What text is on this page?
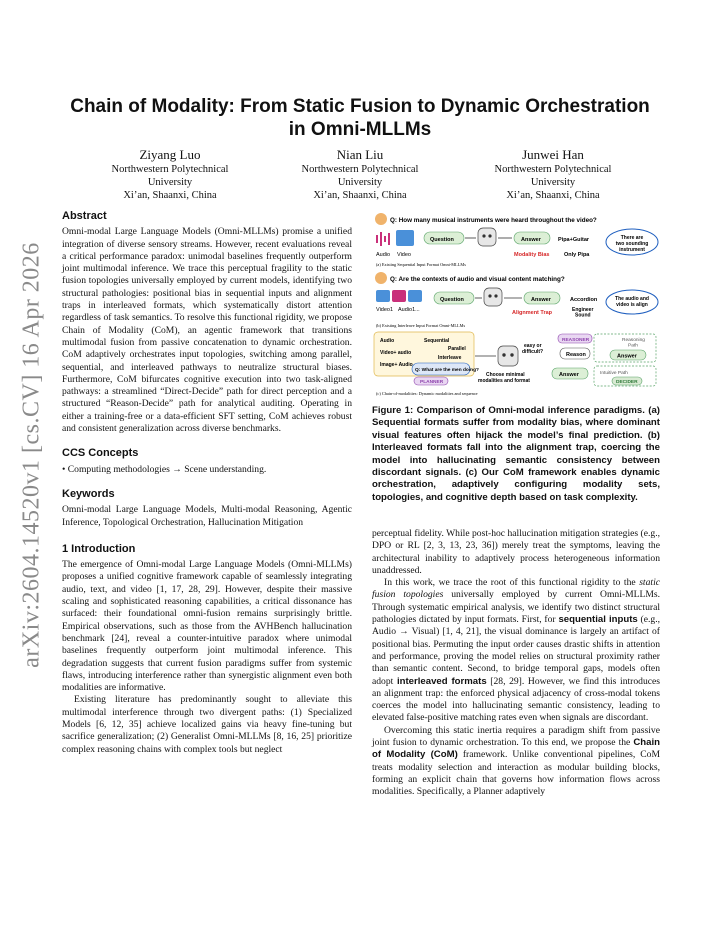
arXiv:2604.14520v1 [cs.CV] 16 Apr 2026
Chain of Modality: From Static Fusion to Dynamic Orchestration in Omni-MLLMs
Ziyang Luo
Northwestern Polytechnical
University
Xi’an, Shaanxi, China
Nian Liu
Northwestern Polytechnical
University
Xi’an, Shaanxi, China
Junwei Han
Northwestern Polytechnical
University
Xi’an, Shaanxi, China
Abstract

Omni-modal Large Language Models (Omni-MLLMs) promise a unified integration of diverse sensory streams. However, recent evaluations reveal a critical performance paradox: unimodal baselines frequently outperform joint multimodal inference. We trace this perceptual fragility to the static fusion topologies universally employed by current models, identifying two structural pathologies: positional bias in sequential inputs and alignment traps in interleaved formats, which systematically distort attention regardless of task semantics. To resolve this functional rigidity, we propose Chain of Modality (CoM), an agentic framework that transitions multimodal fusion from passive concatenation to dynamic orchestration. CoM adaptively orchestrates input topologies, switching among parallel, sequential, and interleaved pathways to neutralize structural biases. Furthermore, CoM bifurcates cognitive execution into two task-aligned pathways: a streamlined “Direct-Decide” path for direct perception and a structured “Reason-Decide” path for analytical auditing. Operating in either a training-free or a data-efficient SFT setting, CoM achieves robust and consistent generalization across diverse benchmarks.

CCS Concepts

• Computing methodologies → Scene understanding.

Keywords

Omni-modal Large Language Models, Multi-modal Reasoning, Agentic Inference, Topological Orchestration, Hallucination Mitigation

1 Introduction

The emergence of Omni-modal Large Language Models (Omni-MLLMs) proposes a unified cognitive framework capable of seamlessly integrating audio, text, and video [1, 17, 28, 29]. However, despite their massive scaling and sophisticated reasoning capabilities, a critical dissonance has surfaced: their foundational omni-fusion remains surprisingly brittle. Empirical observations, such as those from the AVHBench hallucination benchmark [24], reveal a counter-intuitive paradox where unimodal baselines frequently outperform joint multimodal inference. This degradation suggests that current fusion paradigms suffer from systemic flaws, introducing interference rather than synergistic alignment even both modalities are informative.

Existing literature has predominantly sought to alleviate this multimodal interference through two divergent paths: (1) Specialized Models [6, 12, 35] achieve localized gains via heavy fine-tuning but sacrifice generalization; (2) Generalist Omni-MLLMs [8, 16, 25] prioritize complex reasoning chains with complex tools but neglect

Q: How many musical instruments were heard throughout the video?
Audio Video
Question	Answer	Pipa+Guitar
Modality Bias	Only Pipa
There are two sounding instrument
(a) Existing Sequential Input Format Omni-MLLMs
Q: Are the contexts of audio and visual content matching?
Video1 Audio1...
Question	Answer	Accordion
Alignment Trap	Engineer Sound
The audio and video is align
(b) Existing Interleave Input Format Omni-MLLMs
Audio
Video+ audio
Image+ Audio
Sequential
Parallel
Interleave
Q: What are the men doing?
PLANNER
easy or difficult?
Choose minimal modalities and format
REASONER
Reason
Answer
Reasoning Path
Answer
Intuitive Path
DECIDER
(c) Chain-of-modalities: Dynamic modalities and sequence
Figure 1: Comparison of Omni-modal inference paradigms. (a) Sequential formats suffer from modality bias, where dominant visual features often hijack the model’s final prediction. (b) Interleaved formats fall into the alignment trap, coercing the model into hallucinating semantic consistency between discordant signals. (c) Our CoM framework enables dynamic orchestration, adaptively configuring modality sets, topologies, and cognitive depth based on task complexity.

perceptual fidelity. While post-hoc hallucination mitigation strategies (e.g., DPO or RL [2, 3, 13, 23, 36]) merely treat the symptoms, leaving the architectural inability to adaptively process heterogeneous information unaddressed.

In this work, we trace the root of this functional rigidity to the static fusion topologies universally employed by current Omni-MLLMs. Through systematic empirical analysis, we identify two distinct structural pathologies dictated by input formats. First, for sequential inputs (e.g., Audio → Visual) [1, 4, 21], the visual dominance is largely an artifact of positional bias. Permuting the input order causes drastic shifts in attention and performance, proving the model relies on structural proximity rather than semantic content. Second, to bridge temporal gaps, models often adopt interleaved formats [28, 29]. However, we find this introduces an alignment trap: the enforced physical adjacency of cross-modal tokens coerces the model into hallucinating semantic consistency, leading to elevated false-positive matching rates even when signals are discordant.

Overcoming this static inertia requires a paradigm shift from passive joint fusion to dynamic orchestration. To this end, we propose the Chain of Modality (CoM) framework. Unlike conventional pipelines, CoM treats modality selection and interaction as modular building blocks, forming an explicit chain that governs how information flows across modalities. Specifically, a Planner adaptively
